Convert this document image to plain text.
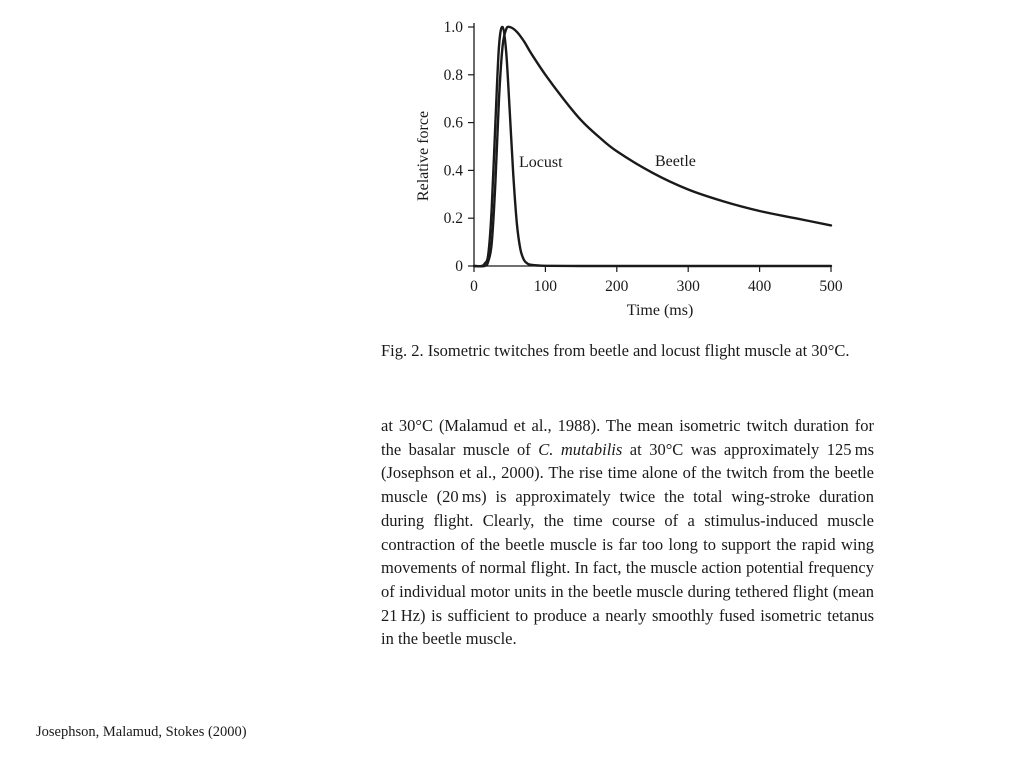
0	100	200	300	400	500
0
0.2
0.4
0.6
0.8
1.0
Time (ms)
Relative force	Locust	Beetle

Fig. 2. Isometric twitches from beetle and locust flight muscle at 30°C.

at 30°C (Malamud et al., 1988). The mean isometric twitch duration for the basalar muscle of C. mutabilis at 30°C was approximately 125 ms (Josephson et al., 2000). The rise time alone of the twitch from the beetle muscle (20 ms) is approximately twice the total wing-stroke duration during flight. Clearly, the time course of a stimulus-induced muscle contraction of the beetle muscle is far too long to support the rapid wing movements of normal flight. In fact, the muscle action potential frequency of individual motor units in the beetle muscle during tethered flight (mean 21 Hz) is sufficient to produce a nearly smoothly fused isometric tetanus in the beetle muscle.

Josephson, Malamud, Stokes (2000)
